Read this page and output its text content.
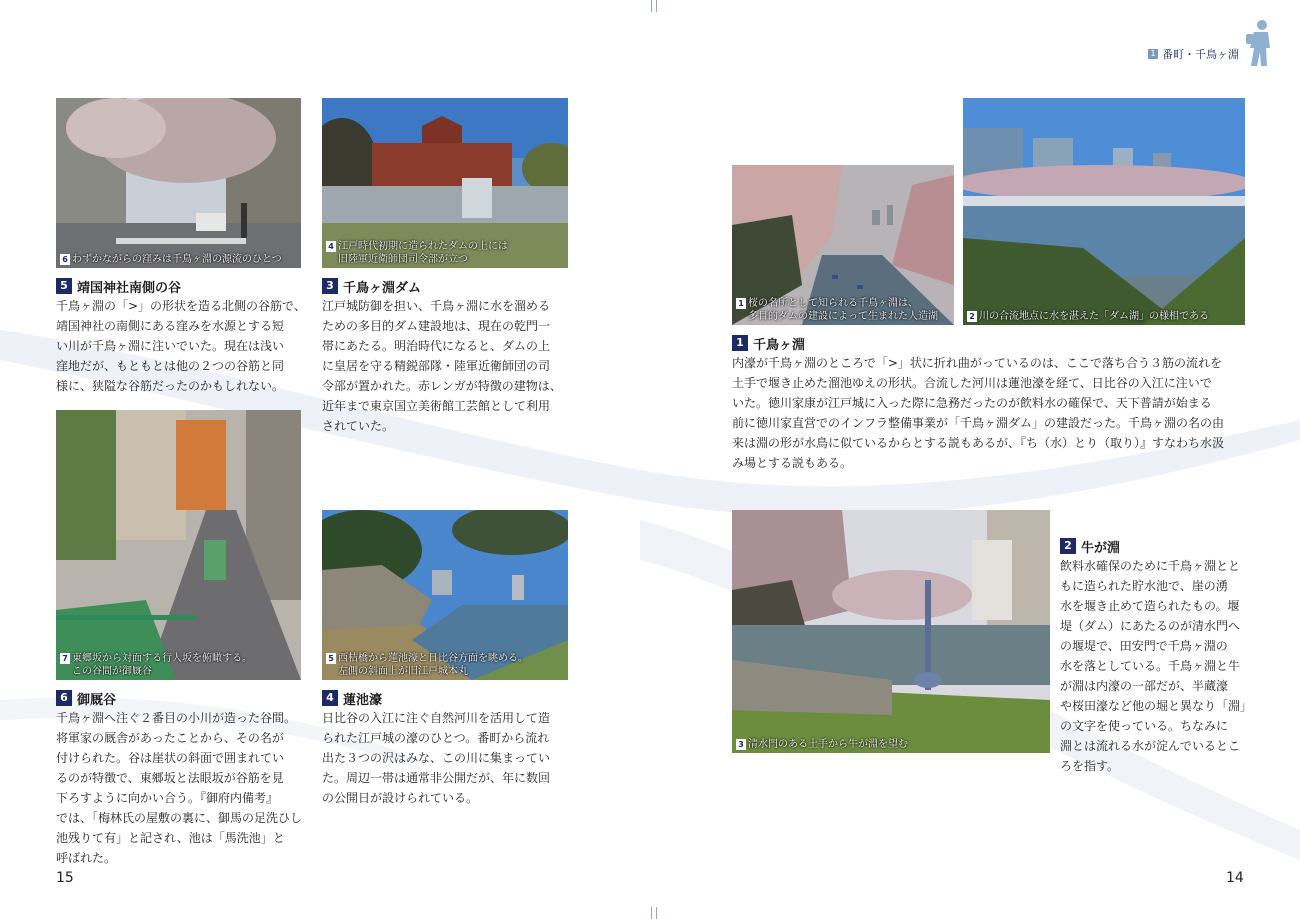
1 番町・千鳥ヶ淵
6 わずかながらの窪みは千鳥ヶ淵の源流のひとつ
4 江戸時代初期に造られたダムの上には
旧陸軍近衛師団司令部が立つ
5 靖国神社南側の谷
千鳥ヶ淵の「>」の形状を造る北側の谷筋で、
靖国神社の南側にある窪みを水源とする短
い川が千鳥ヶ淵に注いでいた。現在は浅い
窪地だが、もともとは他の２つの谷筋と同
様に、狭隘な谷筋だったのかもしれない。
3 千鳥ヶ淵ダム
江戸城防御を担い、千鳥ヶ淵に水を溜める
ための多目的ダム建設地は、現在の乾門一
帯にあたる。明治時代になると、ダムの上
に皇居を守る精鋭部隊・陸軍近衛師団の司
令部が置かれた。赤レンガが特徴の建物は、
近年まで東京国立美術館工芸館として利用
されていた。
7 東郷坂から対面する行人坂を俯瞰する。
この谷間が御厩谷
5 西桔橋から蓮池濠と日比谷方面を眺める。
左側の斜面上が旧江戸城本丸
6 御厩谷
千鳥ヶ淵へ注ぐ２番目の小川が造った谷間。
将軍家の厩舎があったことから、その名が
付けられた。谷は崖状の斜面で囲まれてい
るのが特徴で、東郷坂と法眼坂が谷筋を見
下ろすように向かい合う。『御府内備考』
では、「梅林氏の屋敷の裏に、御馬の足洗ひし
池残りて有」と記され、池は「馬洗池」と
呼ばれた。
4 蓮池濠
日比谷の入江に注ぐ自然河川を活用して造
られた江戸城の濠のひとつ。番町から流れ
出た３つの沢はみな、この川に集まってい
た。周辺一帯は通常非公開だが、年に数回
の公開日が設けられている。
15
1 桜の名所として知られる千鳥ヶ淵は、
多目的ダムの建設によって生まれた人造湖	2 川の合流地点に水を湛えた「ダム湖」の様相である
1 千鳥ヶ淵
内濠が千鳥ヶ淵のところで「>」状に折れ曲がっているのは、ここで落ち合う３筋の流れを
土手で堰き止めた溜池ゆえの形状。合流した河川は蓮池濠を経て、日比谷の入江に注いで
いた。徳川家康が江戸城に入った際に急務だったのが飲料水の確保で、天下普請が始まる
前に徳川家直営でのインフラ整備事業が「千鳥ヶ淵ダム」の建設だった。千鳥ヶ淵の名の由
来は淵の形が水鳥に似ているからとする説もあるが、『ち（水）とり（取り）』すなわち水汲
み場とする説もある。
3 清水門のある土手から牛が淵を望む
2 牛が淵
飲料水確保のために千鳥ヶ淵とと
もに造られた貯水池で、崖の湧
水を堰き止めて造られたもの。堰
堤（ダム）にあたるのが清水門へ
の堰堤で、田安門で千鳥ヶ淵の
水を落としている。千鳥ヶ淵と牛
が淵は内濠の一部だが、半蔵濠
や桜田濠など他の堀と異なり「淵」
の文字を使っている。ちなみに
淵とは流れる水が淀んでいるとこ
ろを指す。
14
